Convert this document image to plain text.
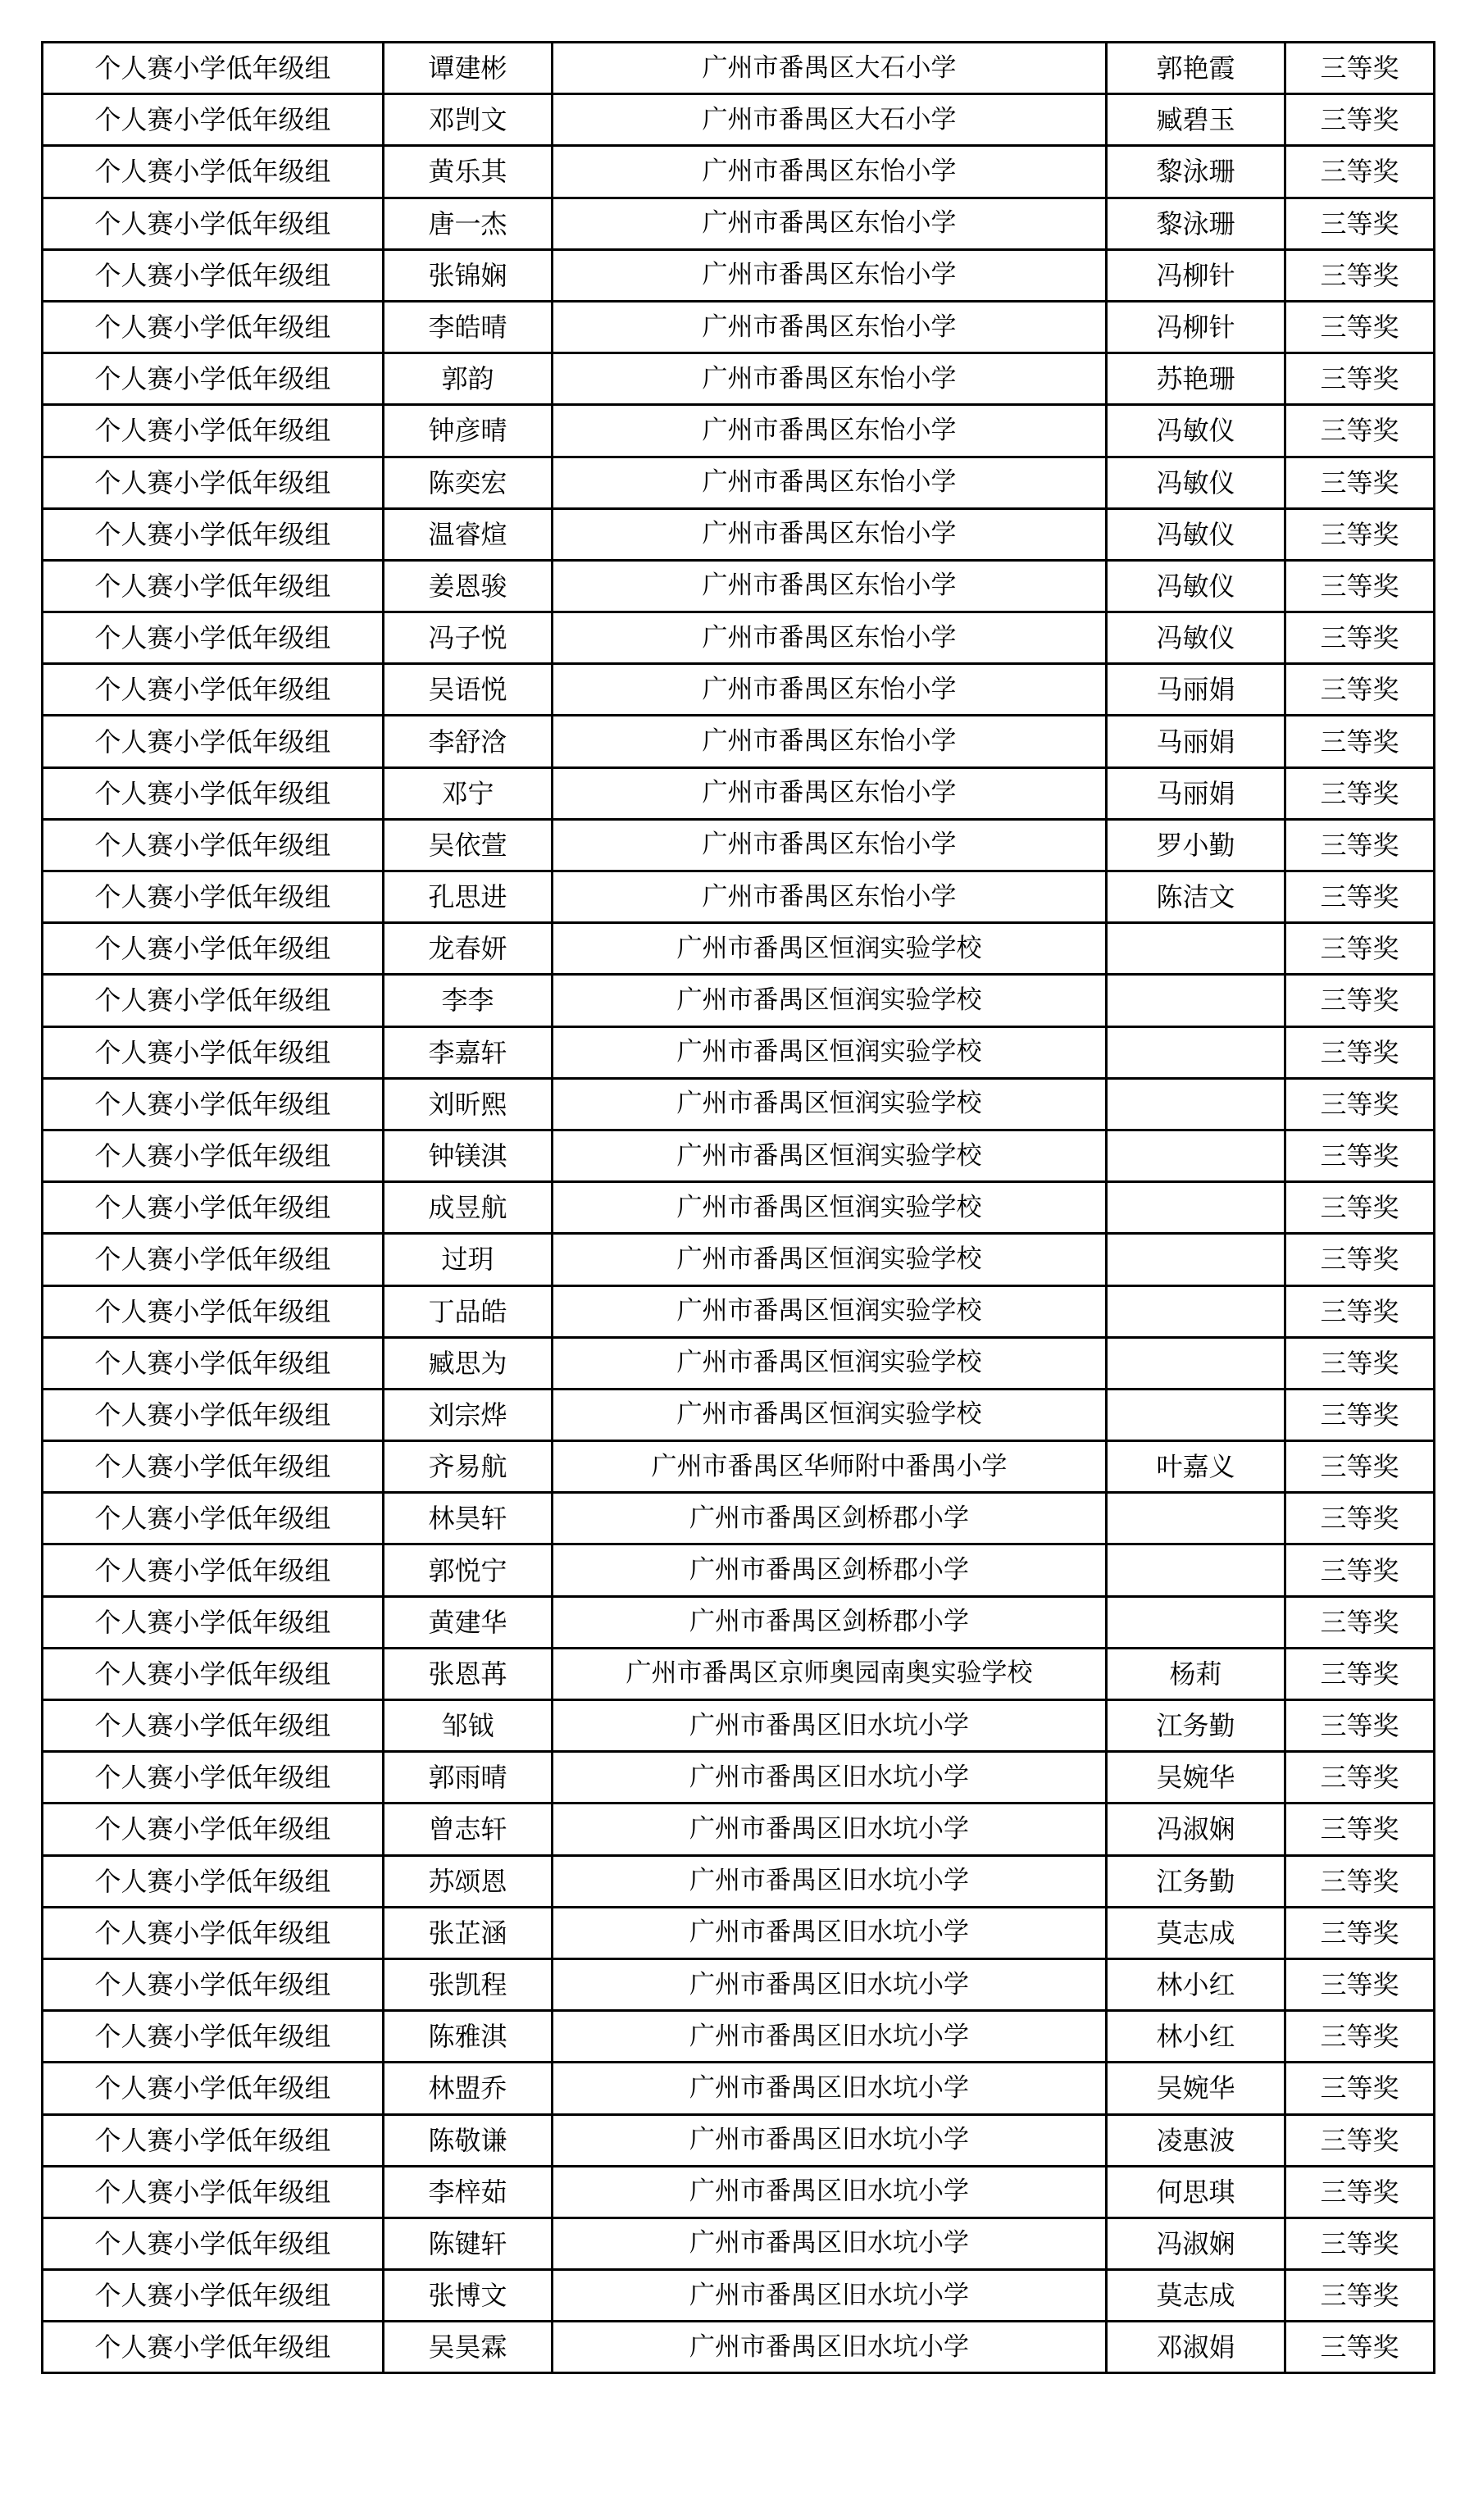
个人赛小学低年级组	谭建彬	广州市番禺区大石小学	郭艳霞	三等奖
个人赛小学低年级组	邓剀文	广州市番禺区大石小学	臧碧玉	三等奖
个人赛小学低年级组	黄乐其	广州市番禺区东怡小学	黎泳珊	三等奖
个人赛小学低年级组	唐一杰	广州市番禺区东怡小学	黎泳珊	三等奖
个人赛小学低年级组	张锦娴	广州市番禺区东怡小学	冯柳针	三等奖
个人赛小学低年级组	李皓晴	广州市番禺区东怡小学	冯柳针	三等奖
个人赛小学低年级组	郭韵	广州市番禺区东怡小学	苏艳珊	三等奖
个人赛小学低年级组	钟彦晴	广州市番禺区东怡小学	冯敏仪	三等奖
个人赛小学低年级组	陈奕宏	广州市番禺区东怡小学	冯敏仪	三等奖
个人赛小学低年级组	温睿煊	广州市番禺区东怡小学	冯敏仪	三等奖
个人赛小学低年级组	姜恩骏	广州市番禺区东怡小学	冯敏仪	三等奖
个人赛小学低年级组	冯子悦	广州市番禺区东怡小学	冯敏仪	三等奖
个人赛小学低年级组	吴语悦	广州市番禺区东怡小学	马丽娟	三等奖
个人赛小学低年级组	李舒浛	广州市番禺区东怡小学	马丽娟	三等奖
个人赛小学低年级组	邓宁	广州市番禺区东怡小学	马丽娟	三等奖
个人赛小学低年级组	吴依萱	广州市番禺区东怡小学	罗小勤	三等奖
个人赛小学低年级组	孔思进	广州市番禺区东怡小学	陈洁文	三等奖
个人赛小学低年级组	龙春妍	广州市番禺区恒润实验学校		三等奖
个人赛小学低年级组	李李	广州市番禺区恒润实验学校		三等奖
个人赛小学低年级组	李嘉轩	广州市番禺区恒润实验学校		三等奖
个人赛小学低年级组	刘昕熙	广州市番禺区恒润实验学校		三等奖
个人赛小学低年级组	钟镁淇	广州市番禺区恒润实验学校		三等奖
个人赛小学低年级组	成昱航	广州市番禺区恒润实验学校		三等奖
个人赛小学低年级组	过玥	广州市番禺区恒润实验学校		三等奖
个人赛小学低年级组	丁品皓	广州市番禺区恒润实验学校		三等奖
个人赛小学低年级组	臧思为	广州市番禺区恒润实验学校		三等奖
个人赛小学低年级组	刘宗烨	广州市番禺区恒润实验学校		三等奖
个人赛小学低年级组	齐易航	广州市番禺区华师附中番禺小学	叶嘉义	三等奖
个人赛小学低年级组	林昊轩	广州市番禺区剑桥郡小学		三等奖
个人赛小学低年级组	郭悦宁	广州市番禺区剑桥郡小学		三等奖
个人赛小学低年级组	黄建华	广州市番禺区剑桥郡小学		三等奖
个人赛小学低年级组	张恩苒	广州市番禺区京师奥园南奥实验学校	杨莉	三等奖
个人赛小学低年级组	邹钺	广州市番禺区旧水坑小学	江务勤	三等奖
个人赛小学低年级组	郭雨晴	广州市番禺区旧水坑小学	吴婉华	三等奖
个人赛小学低年级组	曾志轩	广州市番禺区旧水坑小学	冯淑娴	三等奖
个人赛小学低年级组	苏颂恩	广州市番禺区旧水坑小学	江务勤	三等奖
个人赛小学低年级组	张芷涵	广州市番禺区旧水坑小学	莫志成	三等奖
个人赛小学低年级组	张凯程	广州市番禺区旧水坑小学	林小红	三等奖
个人赛小学低年级组	陈雅淇	广州市番禺区旧水坑小学	林小红	三等奖
个人赛小学低年级组	林盟乔	广州市番禺区旧水坑小学	吴婉华	三等奖
个人赛小学低年级组	陈敬谦	广州市番禺区旧水坑小学	凌惠波	三等奖
个人赛小学低年级组	李梓茹	广州市番禺区旧水坑小学	何思琪	三等奖
个人赛小学低年级组	陈键轩	广州市番禺区旧水坑小学	冯淑娴	三等奖
个人赛小学低年级组	张博文	广州市番禺区旧水坑小学	莫志成	三等奖
个人赛小学低年级组	吴昊霖	广州市番禺区旧水坑小学	邓淑娟	三等奖
